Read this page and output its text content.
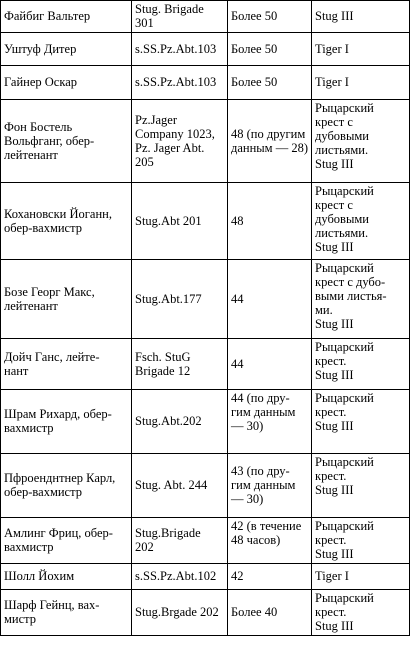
Файбиг Вальтер	Stug. Brigade
301	Более 50	Stug III

Уштуф Дитер	s.SS.Pz.Abt.103	Более 50	Tiger I

Гайнер Оскар	s.SS.Pz.Abt.103	Более 50	Tiger I

Фон Бостель
Вольфганг, обер-
лейтенант	Pz.Jager
Company 1023,
Pz. Jager Abt.
205	48 (по другим
данным — 28)	Рыцарский
крест с
дубовыми
листьями.
Stug III

Кохановски Йоганн,
обер-вахмистр	Stug.Abt 201	48	Рыцарский
крест с
дубовыми
листьями.
Stug III

Бозе Георг Макс,
лейтенант	Stug.Abt.177	44	Рыцарский
крест с дубо-
выми листья-
ми.
Stug III

Дойч Ганс, лейте-
нант	Fsch. StuG
Brigade 12	44	Рыцарский
крест.
Stug III

Шрам Рихард, обер-
вахмистр	Stug.Abt.202	44 (по дру-
гим данным
— 30)	Рыцарский
крест.
Stug III

Пфроенднтнер Карл,
обер-вахмистр	Stug. Abt. 244	43 (по дру-
гим данным
— 30)	Рыцарский
крест.
Stug III

Амлинг Фриц, обер-
вахмистр	Stug.Brigade
202	42 (в течение
48 часов)	Рыцарский
крест.
Stug III

Шолл Йохим	s.SS.Pz.Abt.102	42	Tiger I

Шарф Гейнц, вах-
мистр	Stug.Brgade 202	Более 40	Рыцарский
крест.
Stug III
